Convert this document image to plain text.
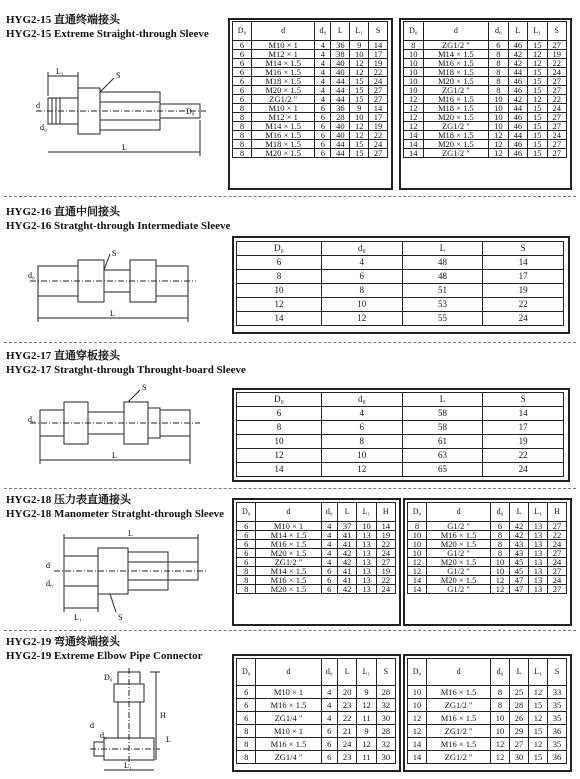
HYG2-15 直通终端接头
HYG2-15 Extreme Straight-through Sleeve
L₁	S
d
d₀
D₀
L
D₀	d	d₀	L	L₁	S
6	M10 × 1	4	36	9	14
6	M12 × 1	4	38	10	17
6	M14 × 1.5	4	40	12	19
6	M16 × 1.5	4	40	12	22
6	M18 × 1.5	4	44	15	24
6	M20 × 1.5	4	44	15	27
6	ZG1/2 "	4	44	15	27
8	M10 × 1	6	36	9	14
8	M12 × 1	6	28	10	17
8	M14 × 1.5	6	40	12	19
8	M16 × 1.5	6	40	12	22
8	M18 × 1.5	6	44	15	24
8	M20 × 1.5	6	44	15	27
D₀	d	d₀	L	L₁	S
8	ZG1/2 "	6	46	15	27
10	M14 × 1.5	8	42	12	19
10	M16 × 1.5	8	42	12	22
10	M18 × 1.5	8	44	15	24
10	M20 × 1.5	8	46	15	27
10	ZG1/2 "	8	46	15	27
12	M16 × 1.5	10	42	12	22
12	M18 × 1.5	10	44	15	24
12	M20 × 1.5	10	46	15	27
12	ZG1/2 "	10	46	15	27
14	M18 × 1.5	12	44	15	24
14	M20 × 1.5	12	46	15	27
14	ZG1/2 "	12	46	15	27
HYG2-16 直通中间接头
HYG2-16 Stratght-through Intermediate Sleeve
S
d₀
L
D₀	d₀	L	S
6	4	48	14
8	6	48	17
10	8	51	19
12	10	53	22
14	12	55	24
HYG2-17 直通穿板接头
HYG2-17 Stratght-through Throught-board Sleeve
S
d₀
L
D₀	d₀	L	S
6	4	58	14
8	6	58	17
10	8	61	19
12	10	63	22
14	12	65	24
HYG2-18 压力表直通接头
HYG2-18 Manometer Stratght-through Sleeve
L
d
d₀
L₁	S
D₀	d	d₀	L	L₁	H
6	M10 × 1	4	37	10	14
6	M14 × 1.5	4	41	13	19
6	M16 × 1.5	4	41	13	22
6	M20 × 1.5	4	42	13	24
6	ZG1/2 "	4	42	13	27
8	M14 × 1.5	6	41	13	19
8	M16 × 1.5	6	41	13	22
8	M20 × 1.5	6	42	13	24
D₀	d	d₀	L	L₁	H
8	G1/2 "	6	42	13	27
10	M16 × 1.5	8	42	13	22
10	M20 × 1.5	8	43	13	24
10	G1/2 "	8	43	13	27
12	M20 × 1.5	10	45	13	24
12	G1/2 "	10	45	13	27
14	M20 × 1.5	12	47	13	24
14	G1/2 "	12	47	13	27
HYG2-19 弯通终端接头
HYG2-19 Extreme Elbow Pipe Connector
D₀
d
d₀
H
L
L₁
D₀	d	d₀	L	L₁	S
6	M10 × 1	4	20	9	28
6	M16 × 1.5	4	23	12	32
6	ZG1/4 "	4	22	11	30
8	M10 × 1	6	21	9	28
8	M16 × 1.5	6	24	12	32
8	ZG1/4 "	6	23	11	30
D₀	d	d₀	L	L₁	S
10	M16 × 1.5	8	25	12	33
10	ZG1/2 "	8	28	15	35
12	M16 × 1.5	10	26	12	35
12	ZG1/2 "	10	29	15	36
14	M16 × 1.5	12	27	12	35
14	ZG1/2 "	12	30	15	36
